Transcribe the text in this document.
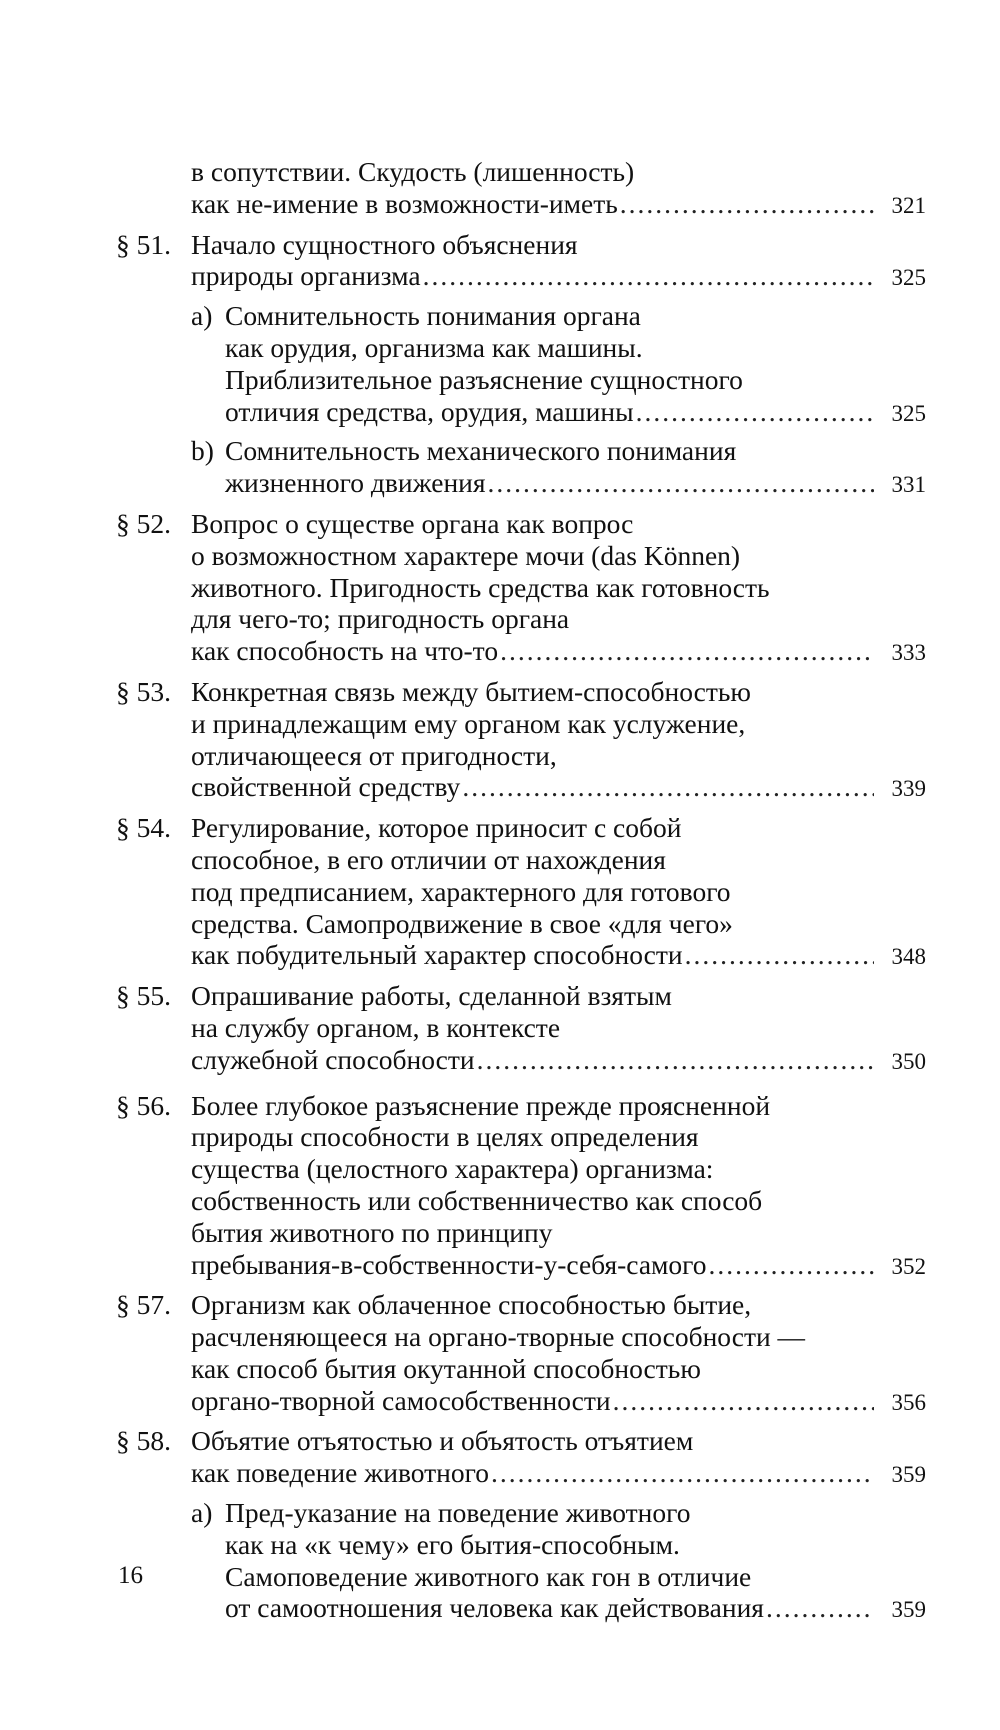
в сопутствии. Скудость (лишенность)
как не-имение в возможности-иметь .....	321
§ 51. Начало сущностного объяснения
природы организма .....	325
a) Сомнительность понимания органа
как орудия, организма как машины.
Приблизительное разъяснение сущностного
отличия средства, орудия, машины .....	325
b) Сомнительность механического понимания
жизненного движения .....	331
§ 52. Вопрос о существе органа как вопрос
о возможностном характере мочи (das Können)
животного. Пригодность средства как готовность
для чего-то; пригодность органа
как способность на что-то .....	333
§ 53. Конкретная связь между бытием-способностью
и принадлежащим ему органом как услужение,
отличающееся от пригодности,
свойственной средству .....	339
§ 54. Регулирование, которое приносит с собой
способное, в его отличии от нахождения
под предписанием, характерного для готового
средства. Самопродвижение в свое «для чего»
как побудительный характер способности .....	348
§ 55. Опрашивание работы, сделанной взятым
на службу органом, в контексте
служебной способности .....	350
§ 56. Более глубокое разъяснение прежде проясненной
природы способности в целях определения
существа (целостного характера) организма:
собственность или собственничество как способ
бытия животного по принципу
пребывания-в-собственности-у-себя-самого .....	352
§ 57. Организм как облаченное способностью бытие,
расчленяющееся на органо-творные способности —
как способ бытия окутанной способностью
органо-творной самособственности .....	356
§ 58. Объятие отъятостью и объятость отъятием
как поведение животного .....	359
a) Пред-указание на поведение животного
как на «к чему» его бытия-способным.
Самоповедение животного как гон в отличие
от самоотношения человека как действования .....	359
16
